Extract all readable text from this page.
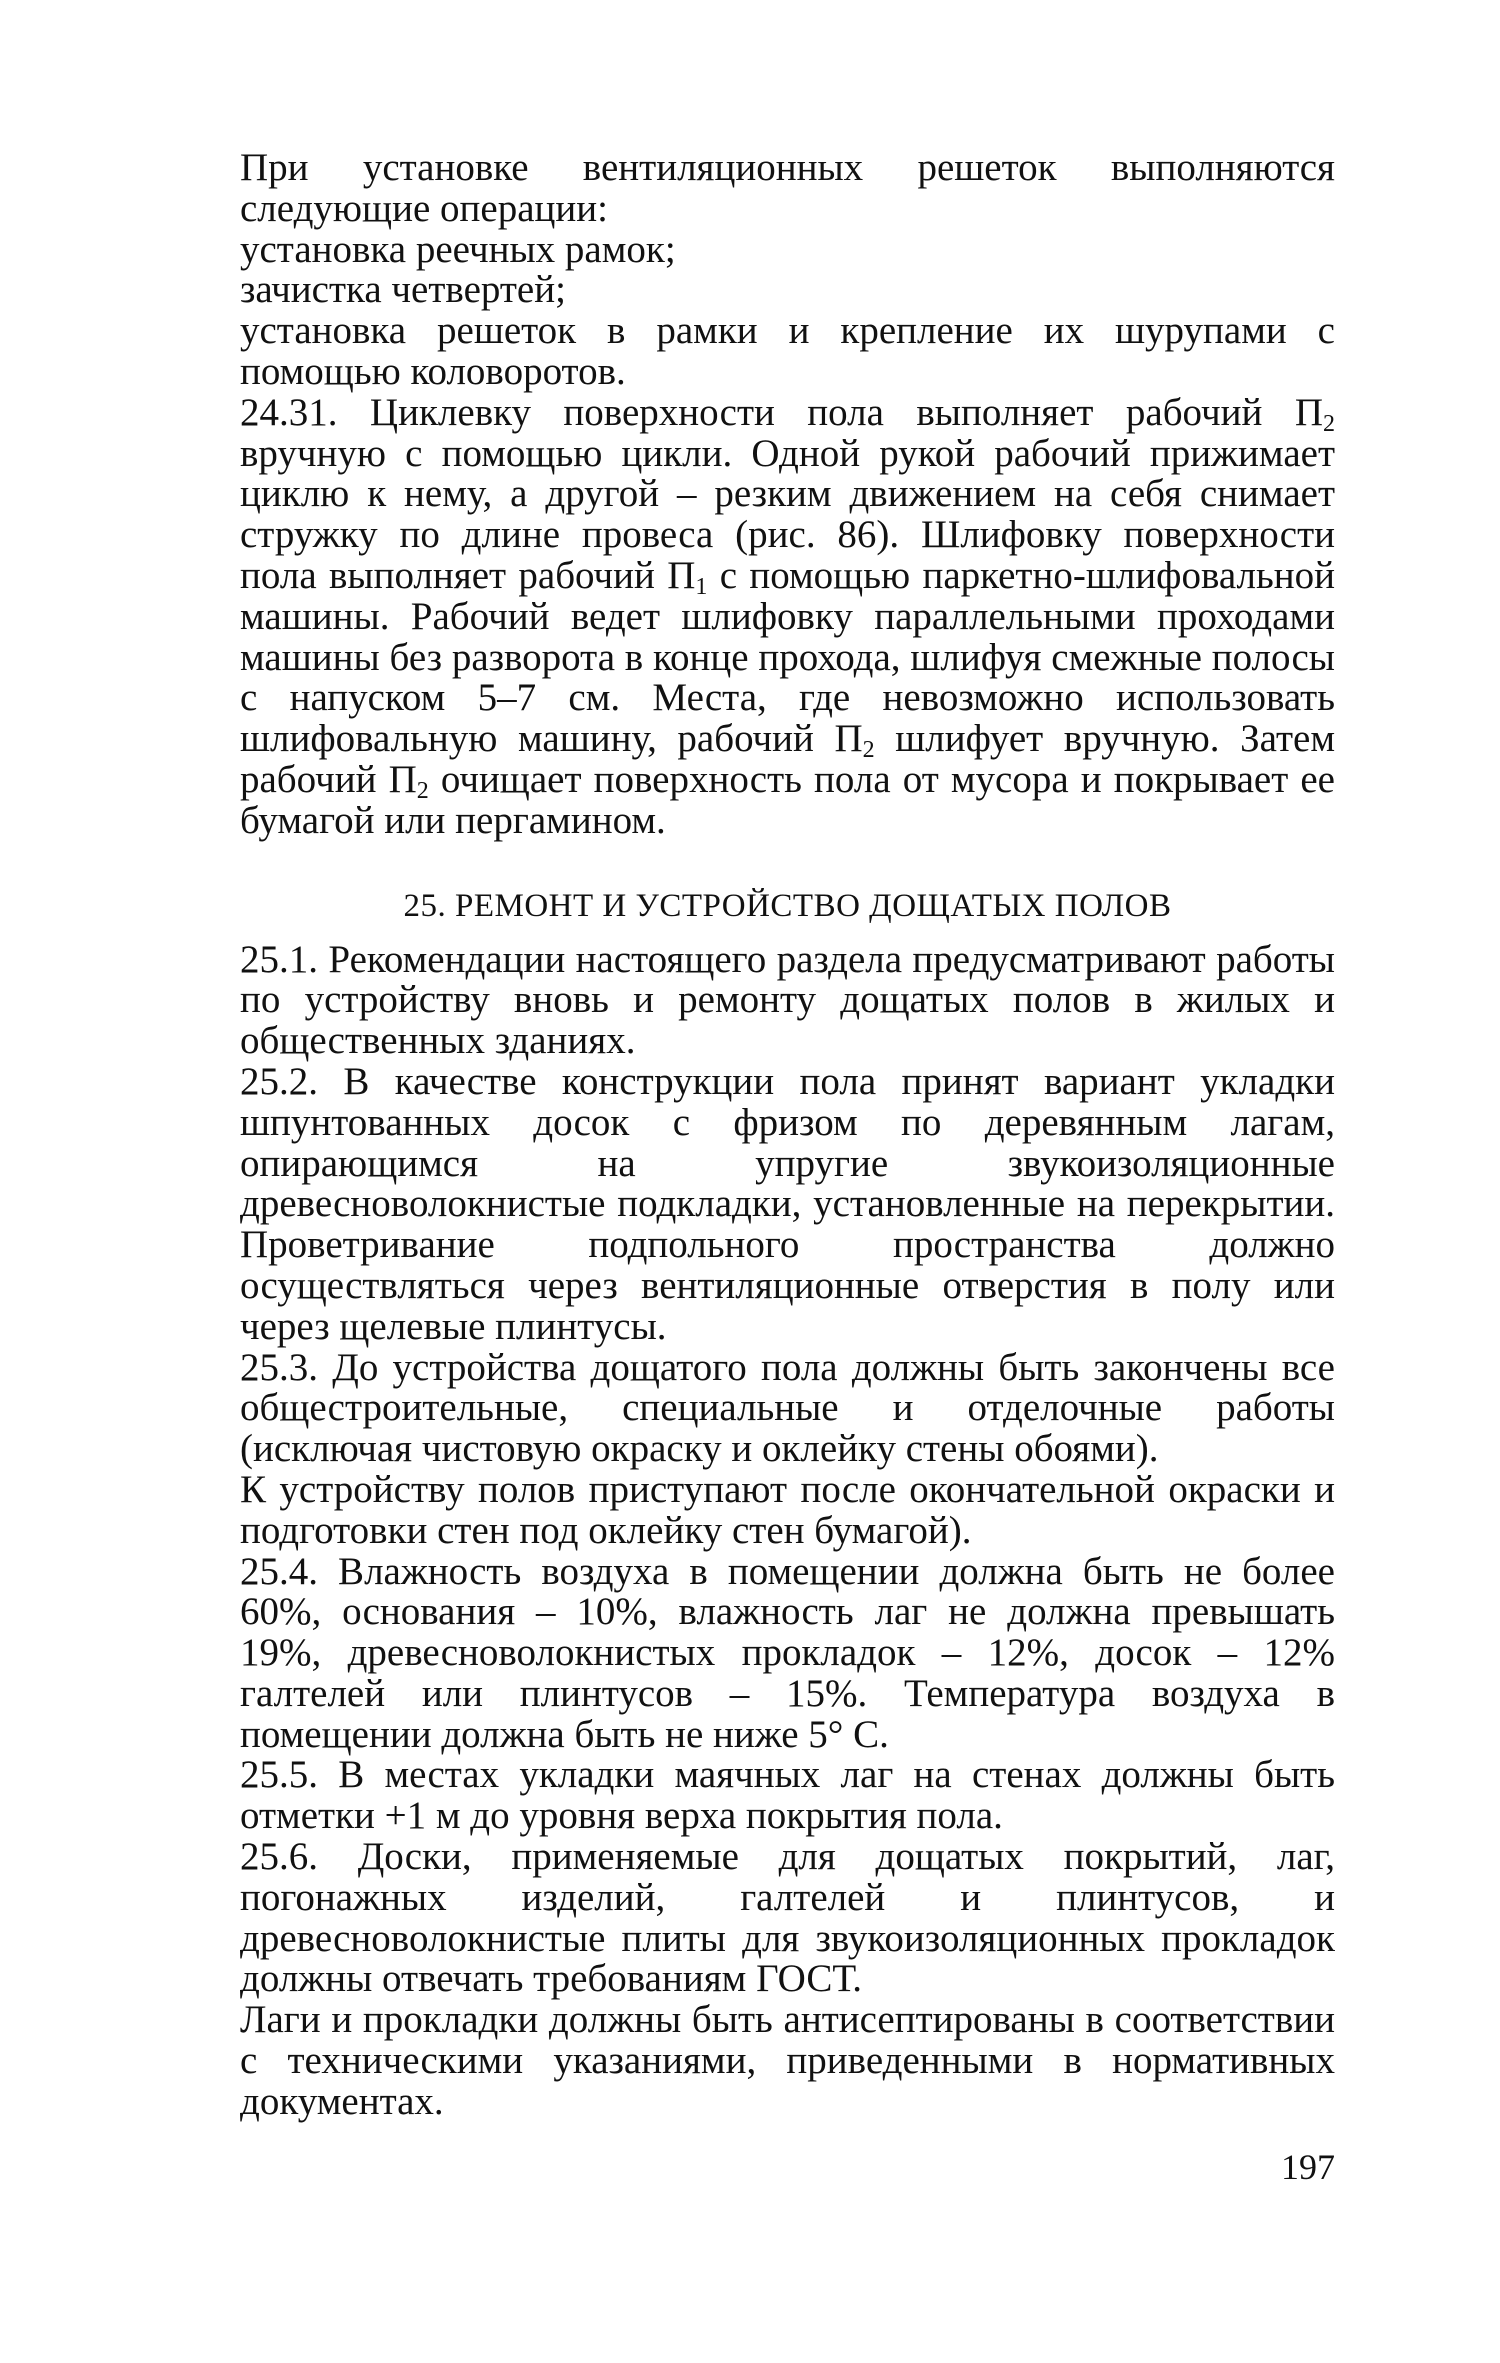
При установке вентиляционных решеток выполняются следующие операции:

установка реечных рамок;

зачистка четвертей;

установка решеток в рамки и крепление их шурупами с помощью коловоротов.

24.31. Циклевку поверхности пола выполняет рабочий $П_2$ вручную с помощью цикли. Одной рукой рабочий прижимает циклю к нему, а другой – резким движением на себя снимает стружку по длине провеса (рис. 86). Шлифовку поверхности пола выполняет рабочий $П_1$ с помощью паркетно-шлифовальной машины. Рабочий ведет шлифовку параллельными проходами машины без разворота в конце прохода, шлифуя смежные полосы с напуском 5–7 см. Места, где невозможно использовать шлифовальную машину, рабочий $П_2$ шлифует вручную. Затем рабочий $П_2$ очищает поверхность пола от мусора и покрывает ее бумагой или пергамином.

25. РЕМОНТ И УСТРОЙСТВО ДОЩАТЫХ ПОЛОВ

25.1. Рекомендации настоящего раздела предусматривают работы по устройству вновь и ремонту дощатых полов в жилых и общественных зданиях.

25.2. В качестве конструкции пола принят вариант укладки шпунтованных досок с фризом по деревянным лагам, опирающимся на упругие звукоизоляционные древесноволокнистые подкладки, установленные на перекрытии. Проветривание подпольного пространства должно осуществляться через вентиляционные отверстия в полу или через щелевые плинтусы.

25.3. До устройства дощатого пола должны быть закончены все общестроительные, специальные и отделочные работы (исключая чистовую окраску и оклейку стены обоями).

К устройству полов приступают после окончательной окраски и подготовки стен под оклейку стен бумагой).

25.4. Влажность воздуха в помещении должна быть не более 60%, основания – 10%, влажность лаг не должна превышать 19%, древесноволокнистых прокладок – 12%, досок – 12% галтелей или плинтусов – 15%. Температура воздуха в помещении должна быть не ниже 5° С.

25.5. В местах укладки маячных лаг на стенах должны быть отметки +1 м до уровня верха покрытия пола.

25.6. Доски, применяемые для дощатых покрытий, лаг, погонажных изделий, галтелей и плинтусов, и древесноволокнистые плиты для звукоизоляционных прокладок должны отвечать требованиям ГОСТ.

Лаги и прокладки должны быть антисептированы в соответствии с техническими указаниями, приведенными в нормативных документах.

197
